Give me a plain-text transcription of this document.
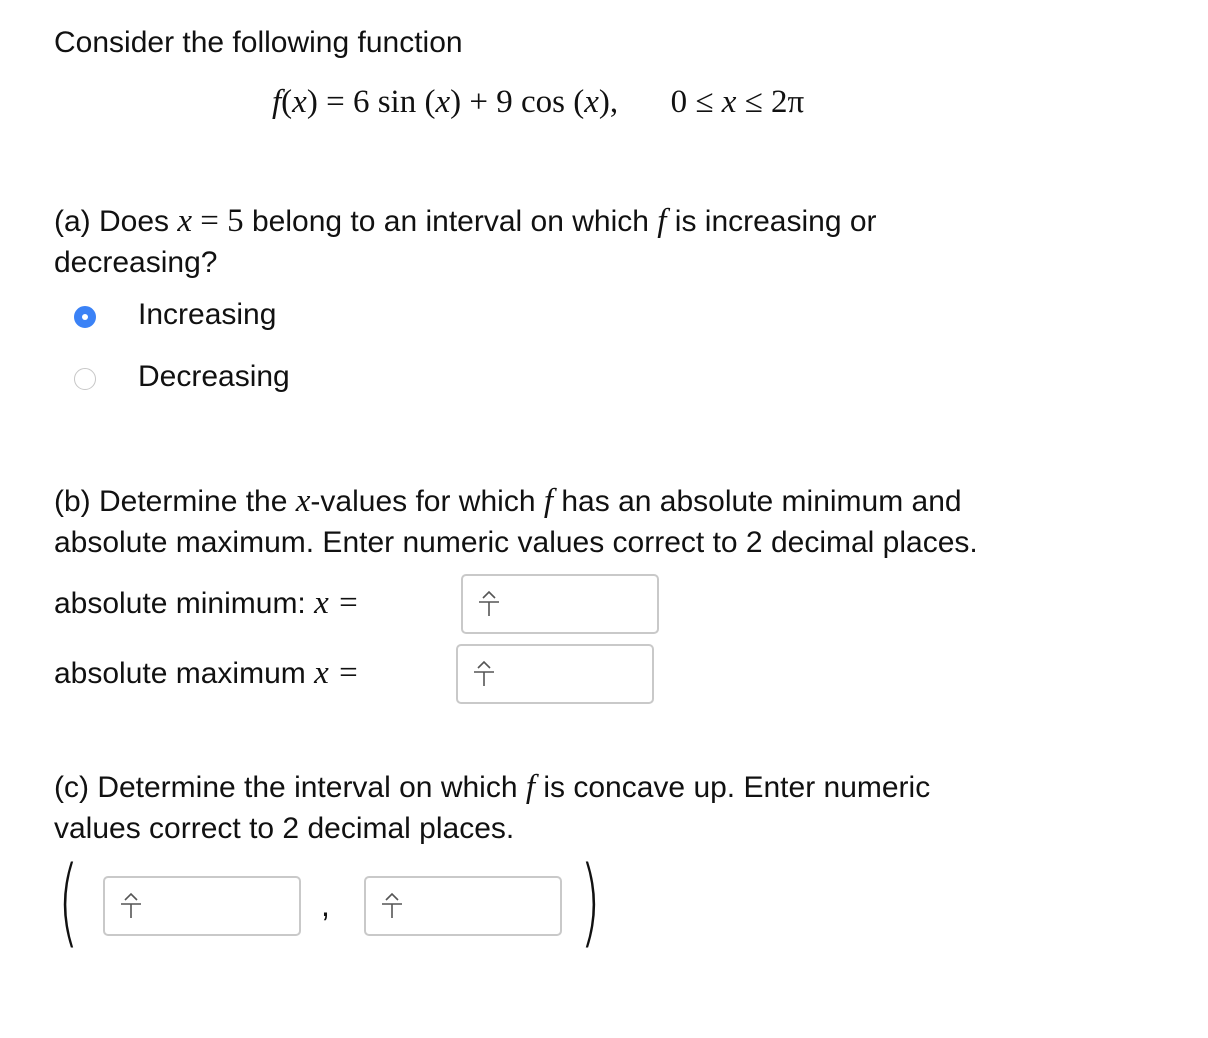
Consider the following function
f(x) = 6 sin (x) + 9 cos (x), 0 ≤ x ≤ 2π
(a) Does x = 5 belong to an interval on which f is increasing or
decreasing?
Increasing
Decreasing
(b) Determine the x-values for which f has an absolute minimum and
absolute maximum. Enter numeric values correct to 2 decimal places.
absolute minimum: x =
absolute maximum x =
(c) Determine the interval on which f is concave up. Enter numeric
values correct to 2 decimal places.
(	,	)
